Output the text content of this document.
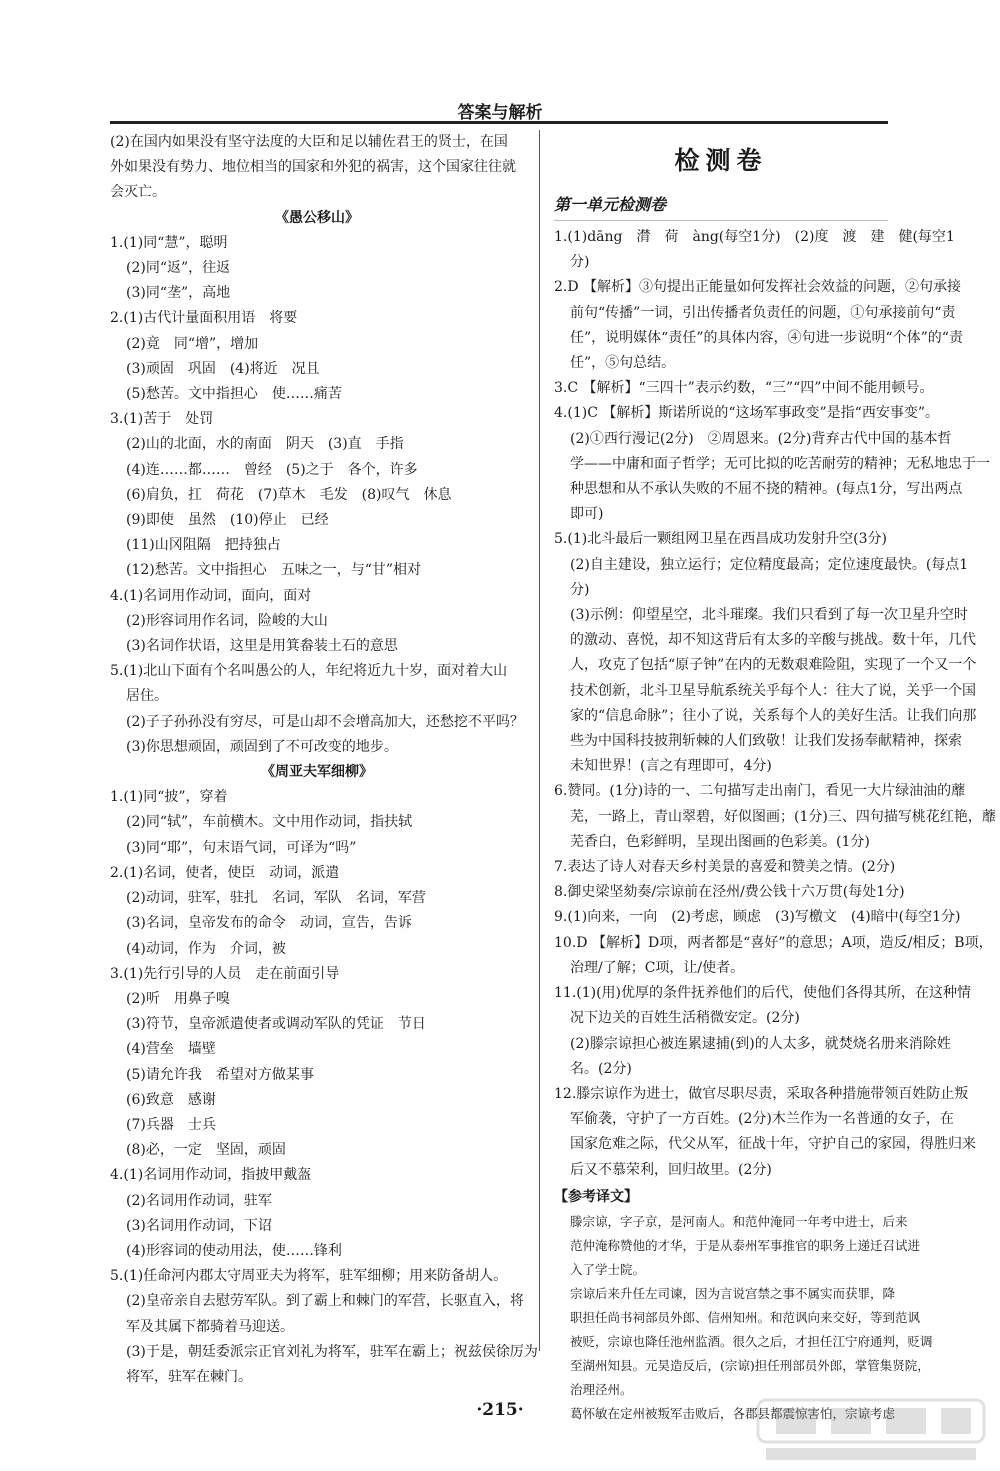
答案与解析
(2)在国内如果没有坚守法度的大臣和足以辅佐君王的贤士，在国
外如果没有势力、地位相当的国家和外犯的祸害，这个国家往往就
会灭亡。
《愚公移山》
1.(1)同“慧”，聪明
(2)同“返”，往返
(3)同“垄”，高地
2.(1)古代计量面积用语　将要
(2)竟　同“增”，增加
(3)顽固　巩固　(4)将近　况且
(5)愁苦。文中指担心　使……痛苦
3.(1)苦于　处罚
(2)山的北面，水的南面　阴天　(3)直　手指
(4)连……都……　曾经　(5)之于　各个，许多
(6)肩负，扛　荷花　(7)草木　毛发　(8)叹气　休息
(9)即使　虽然　(10)停止　已经
(11)山冈阻隔　把持独占
(12)愁苦。文中指担心　五味之一，与“甘”相对
4.(1)名词用作动词，面向，面对
(2)形容词用作名词，险峻的大山
(3)名词作状语，这里是用箕畚装土石的意思
5.(1)北山下面有个名叫愚公的人，年纪将近九十岁，面对着大山
居住。
(2)子子孙孙没有穷尽，可是山却不会增高加大，还愁挖不平吗？
(3)你思想顽固，顽固到了不可改变的地步。
《周亚夫军细柳》
1.(1)同“披”，穿着
(2)同“轼”，车前横木。文中用作动词，指扶轼
(3)同“耶”，句末语气词，可译为“吗”
2.(1)名词，使者，使臣　动词，派遣
(2)动词，驻军，驻扎　名词，军队　名词，军营
(3)名词，皇帝发布的命令　动词，宣告，告诉
(4)动词，作为　介词，被
3.(1)先行引导的人员　走在前面引导
(2)听　用鼻子嗅
(3)符节，皇帝派遣使者或调动军队的凭证　节日
(4)营垒　墙壁
(5)请允许我　希望对方做某事
(6)致意　感谢
(7)兵器　士兵
(8)必，一定　坚固，顽固
4.(1)名词用作动词，指披甲戴盔
(2)名词用作动词，驻军
(3)名词用作动词，下诏
(4)形容词的使动用法，使……锋利
5.(1)任命河内郡太守周亚夫为将军，驻军细柳；用来防备胡人。
(2)皇帝亲自去慰劳军队。到了霸上和棘门的军营，长驱直入，将
军及其属下都骑着马迎送。
(3)于是，朝廷委派宗正官刘礼为将军，驻军在霸上；祝兹侯徐厉为
将军，驻军在棘门。
检测卷
第一单元检测卷
1.(1)dāng　潸　荷　àng(每空1分)　(2)度　渡　建　健(每空1
分)
2.D 【解析】③句提出正能量如何发挥社会效益的问题，②句承接
前句“传播”一词，引出传播者负责任的问题，①句承接前句“责
任”，说明媒体“责任”的具体内容，④句进一步说明“个体”的“责
任”，⑤句总结。
3.C 【解析】“三四十”表示约数，“三”“四”中间不能用顿号。
4.(1)C 【解析】斯诺所说的“这场军事政变”是指“西安事变”。
(2)①西行漫记(2分)　②周恩来。(2分)背弃古代中国的基本哲
学——中庸和面子哲学；无可比拟的吃苦耐劳的精神；无私地忠于一
种思想和从不承认失败的不屈不挠的精神。(每点1分，写出两点
即可)
5.(1)北斗最后一颗组网卫星在西昌成功发射升空(3分)
(2)自主建设，独立运行；定位精度最高；定位速度最快。(每点1
分)
(3)示例：仰望星空，北斗璀璨。我们只看到了每一次卫星升空时
的激动、喜悦，却不知这背后有太多的辛酸与挑战。数十年，几代
人，攻克了包括“原子钟”在内的无数艰难险阻，实现了一个又一个
技术创新，北斗卫星导航系统关乎每个人：往大了说，关乎一个国
家的“信息命脉”；往小了说，关系每个人的美好生活。让我们向那
些为中国科技披荆斩棘的人们致敬！让我们发扬奉献精神，探索
未知世界！(言之有理即可，4分)
6.赞同。(1分)诗的一、二句描写走出南门，看见一大片绿油油的蘼
芜，一路上，青山翠碧，好似图画；(1分)三、四句描写桃花红艳，蘼
芜香白，色彩鲜明，呈现出图画的色彩美。(1分)
7.表达了诗人对春天乡村美景的喜爱和赞美之情。(2分)
8.御史梁坚劾奏/宗谅前在泾州/费公钱十六万贯(每处1分)
9.(1)向来，一向　(2)考虑，顾虑　(3)写檄文　(4)暗中(每空1分)
10.D 【解析】D项，两者都是“喜好”的意思；A项，造反/相反；B项，
治理/了解；C项，让/使者。
11.(1)(用)优厚的条件抚养他们的后代，使他们各得其所，在这种情
况下边关的百姓生活稍微安定。(2分)
(2)滕宗谅担心被连累逮捕(到)的人太多，就焚烧名册来消除姓
名。(2分)
12.滕宗谅作为进士，做官尽职尽责，采取各种措施带领百姓防止叛
军偷袭，守护了一方百姓。(2分)木兰作为一名普通的女子，在
国家危难之际，代父从军，征战十年，守护自己的家园，得胜归来
后又不慕荣利，回归故里。(2分)
【参考译文】
滕宗谅，字子京，是河南人。和范仲淹同一年考中进士，后来
范仲淹称赞他的才华，于是从泰州军事推官的职务上递迁召试进
入了学士院。
宗谅后来升任左司谏，因为言说宫禁之事不属实而获罪，降
职担任尚书祠部员外郎、信州知州。和范讽向来交好，等到范讽
被贬，宗谅也降任池州监酒。很久之后，才担任江宁府通判，贬调
至湖州知县。元昊造反后，(宗谅)担任刑部员外郎，掌管集贤院，
治理泾州。
葛怀敏在定州被叛军击败后，各郡县都震惊害怕，宗谅考虑
·215·
